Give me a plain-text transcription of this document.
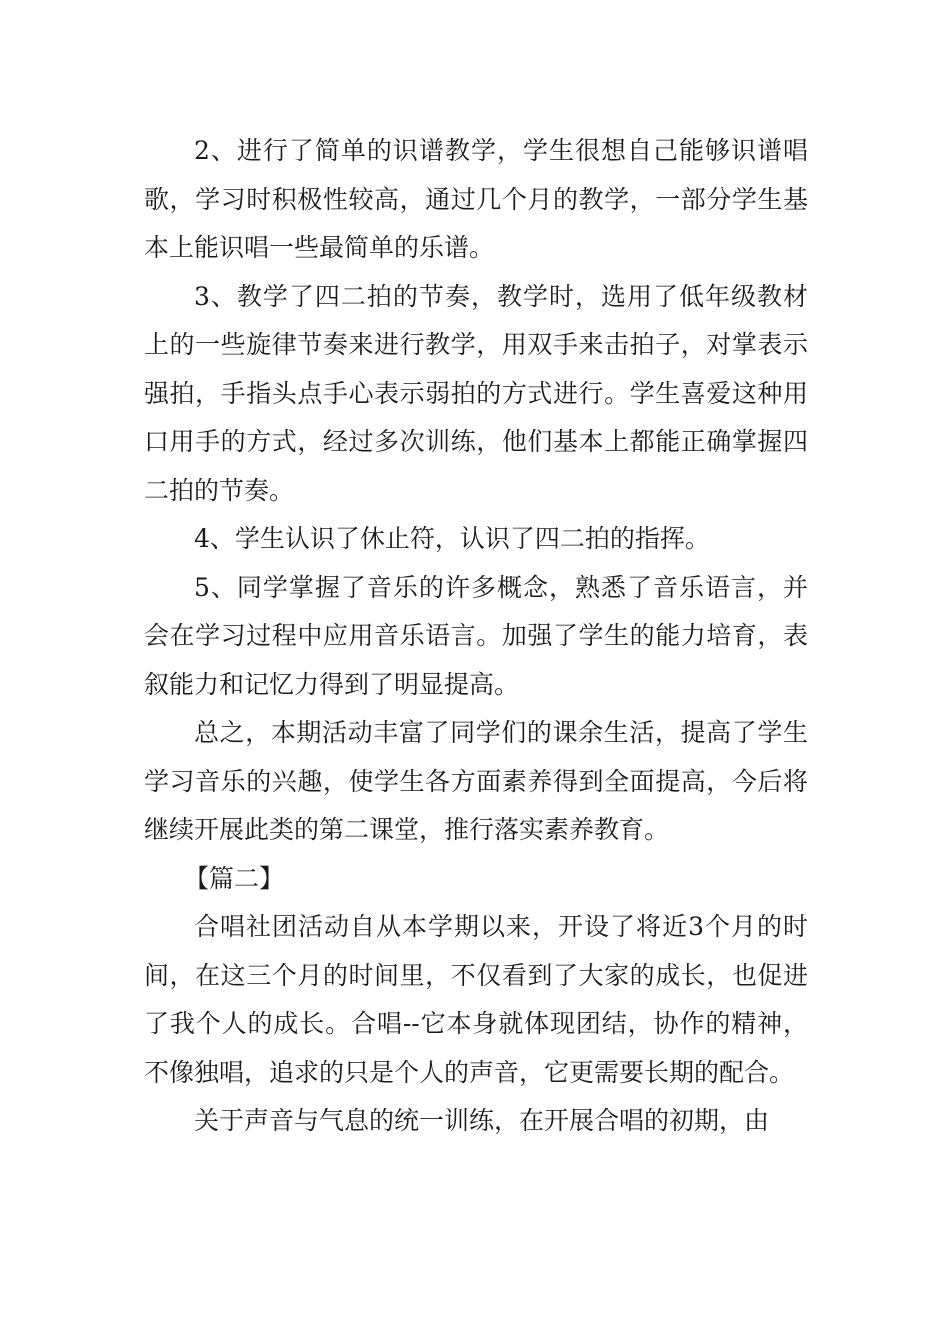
2、进行了简单的识谱教学，学生很想自己能够识谱唱歌，学习时积极性较高，通过几个月的教学，一部分学生基本上能识唱一些最简单的乐谱。

3、教学了四二拍的节奏，教学时，选用了低年级教材上的一些旋律节奏来进行教学，用双手来击拍子，对掌表示强拍，手指头点手心表示弱拍的方式进行。学生喜爱这种用口用手的方式，经过多次训练，他们基本上都能正确掌握四二拍的节奏。

4、学生认识了休止符，认识了四二拍的指挥。

5、同学掌握了音乐的许多概念，熟悉了音乐语言，并会在学习过程中应用音乐语言。加强了学生的能力培育，表叙能力和记忆力得到了明显提高。

总之，本期活动丰富了同学们的课余生活，提高了学生学习音乐的兴趣，使学生各方面素养得到全面提高，今后将继续开展此类的第二课堂，推行落实素养教育。

【篇二】

合唱社团活动自从本学期以来，开设了将近3个月的时间，在这三个月的时间里，不仅看到了大家的成长，也促进了我个人的成长。合唱--它本身就体现团结，协作的精神，不像独唱，追求的只是个人的声音，它更需要长期的配合。

关于声音与气息的统一训练，在开展合唱的初期，由
